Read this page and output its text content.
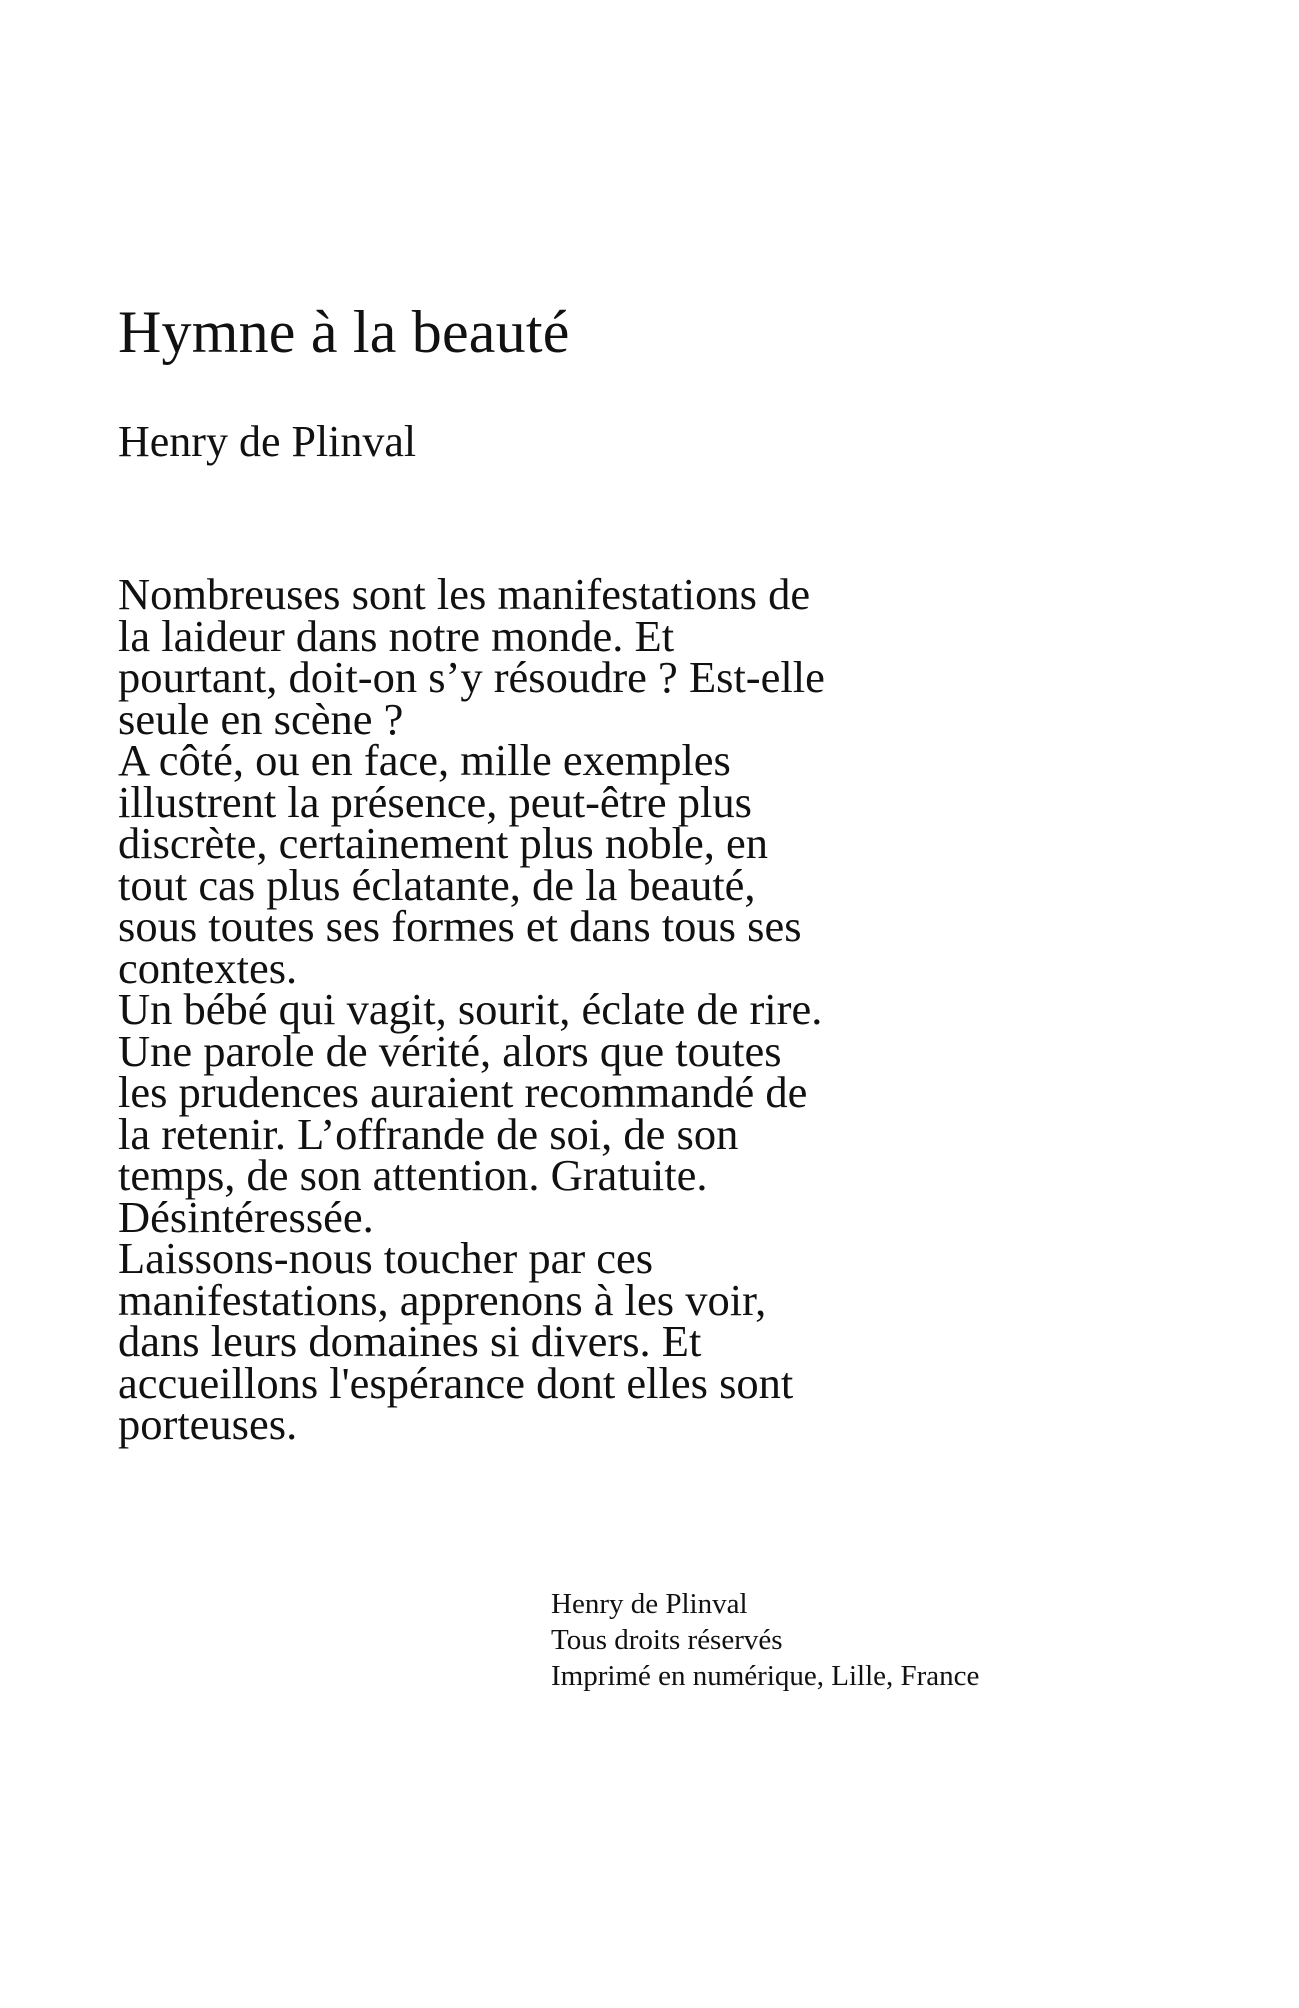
Hymne à la beauté

Henry de Plinval

Nombreuses sont les manifestations de
la laideur dans notre monde. Et
pourtant, doit-on s’y résoudre ? Est-elle
seule en scène ?
A côté, ou en face, mille exemples
illustrent la présence, peut-être plus
discrète, certainement plus noble, en
tout cas plus éclatante, de la beauté,
sous toutes ses formes et dans tous ses
contextes.
Un bébé qui vagit, sourit, éclate de rire.
Une parole de vérité, alors que toutes
les prudences auraient recommandé de
la retenir. L’offrande de soi, de son
temps, de son attention. Gratuite.
Désintéressée.
Laissons-nous toucher par ces
manifestations, apprenons à les voir,
dans leurs domaines si divers. Et
accueillons l'espérance dont elles sont
porteuses.
Henry de Plinval
Tous droits réservés
Imprimé en numérique, Lille, France
